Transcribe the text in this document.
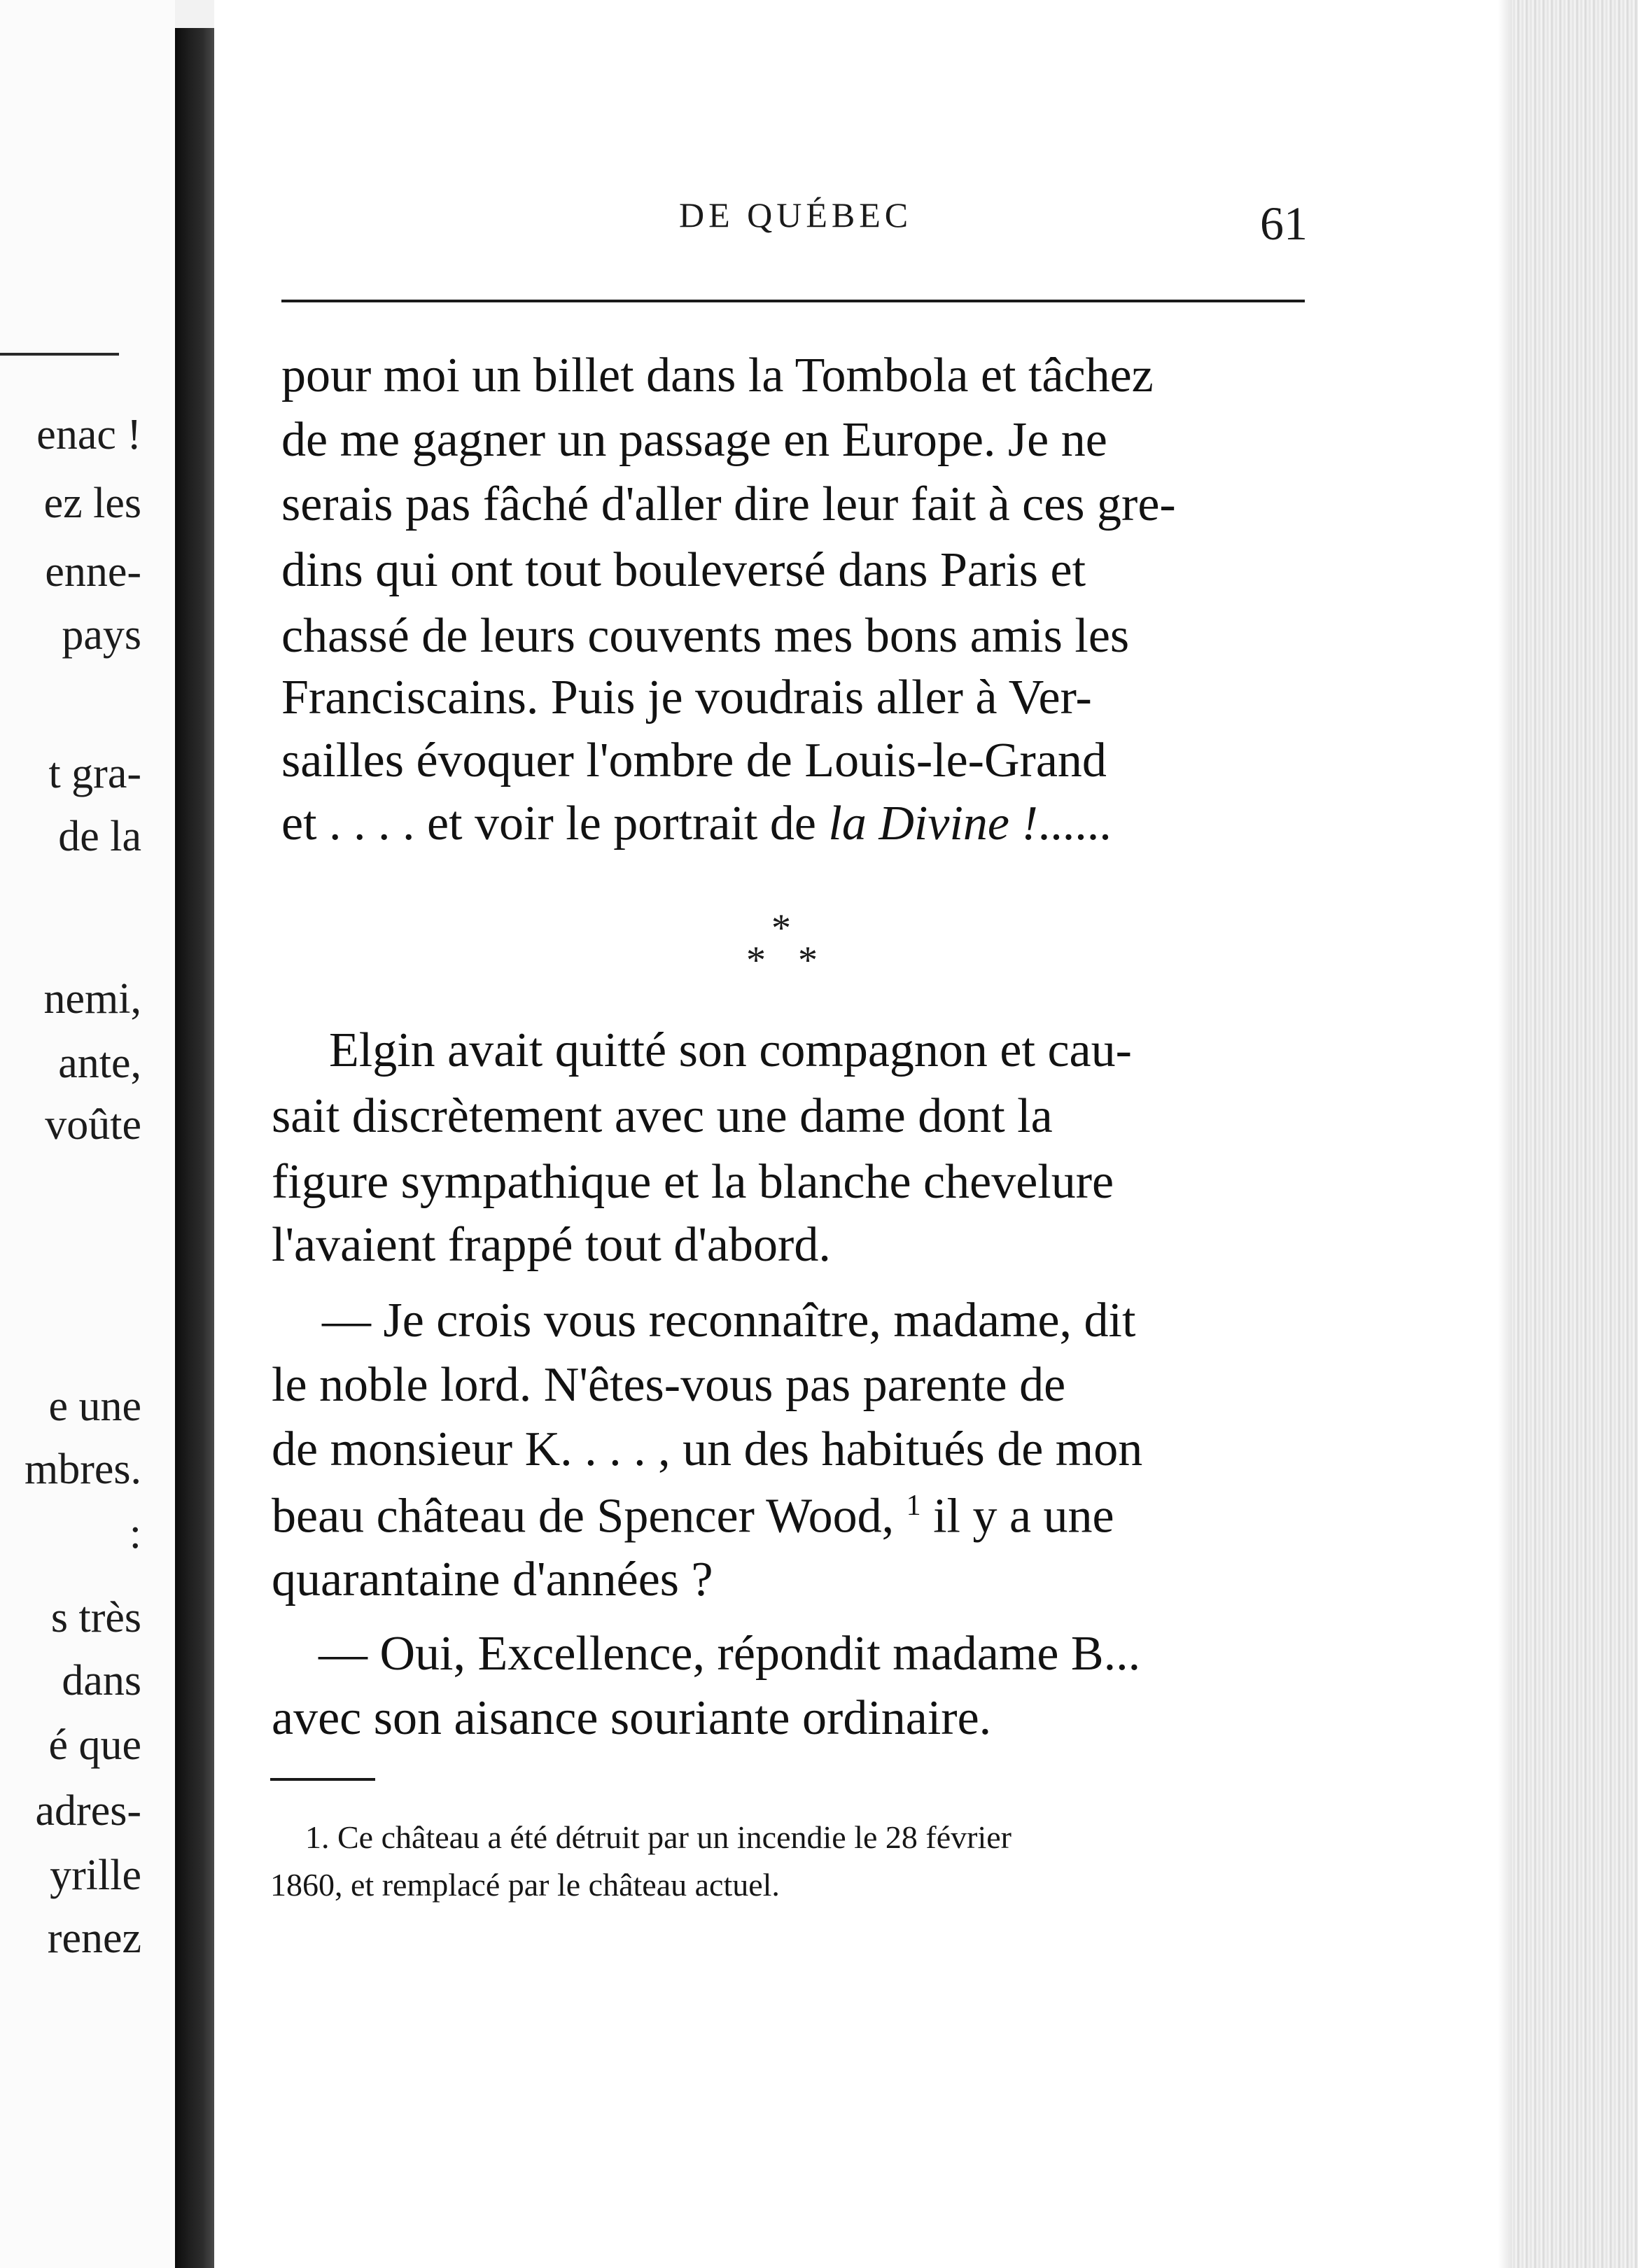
enac !
ez les
enne-
pays
t gra-
de la
nemi,
ante,
voûte
e une
mbres.
:
s très
dans
é que
adres-
yrille
renez
DE QUÉBEC	61
pour moi un billet dans la Tombola et tâchez
de me gagner un passage en Europe. Je ne
serais pas fâché d'aller dire leur fait à ces gre-
dins qui ont tout bouleversé dans Paris et
chassé de leurs couvents mes bons amis les
Franciscains. Puis je voudrais aller à Ver-
sailles évoquer l'ombre de Louis-le-Grand
et . . . . et voir le portrait de la Divine !......
*
* *
Elgin avait quitté son compagnon et cau-
sait discrètement avec une dame dont la
figure sympathique et la blanche chevelure
l'avaient frappé tout d'abord.
— Je crois vous reconnaître, madame, dit
le noble lord. N'êtes-vous pas parente de
de monsieur K. . . . , un des habitués de mon
beau château de Spencer Wood, $^1$ il y a une
quarantaine d'années ?
— Oui, Excellence, répondit madame B...
avec son aisance souriante ordinaire.
1. Ce château a été détruit par un incendie le 28 février
1860, et remplacé par le château actuel.
